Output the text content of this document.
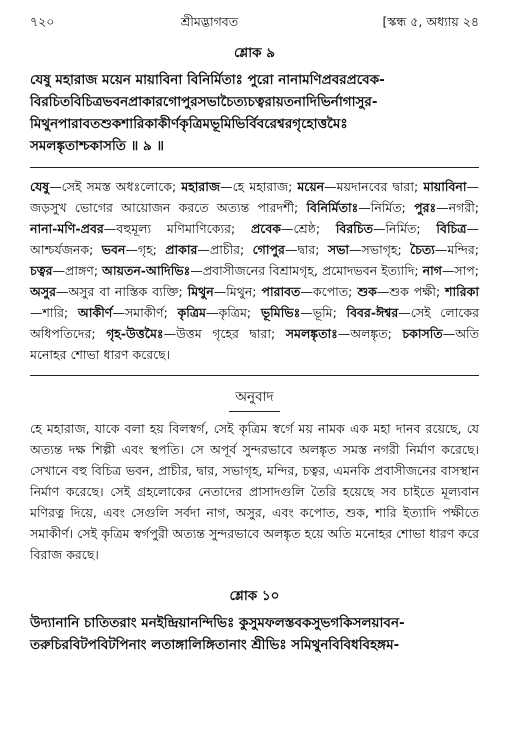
৭২০	শ্রীমদ্ভাগবত	[স্কন্ধ ৫, অধ্যায় ২৪
শ্লোক ৯
যেষু মহারাজ ময়েন মায়াবিনা বিনির্মিতাঃ পুরো নানামণিপ্রবরপ্রবেক-
বিরচিতবিচিত্রভবনপ্রাকারগোপুরসভাচৈত্যচত্বরায়তনাদিভির্নাগাসুর-
মিথুনপারাবতশুকশারিকাকীর্ণকৃত্রিমভূমিভির্বিবরেশ্বরগৃহোত্তমৈঃ
সমলঙ্কৃতাশ্চকাসতি ॥ ৯ ॥

যেষু—সেই সমস্ত অধঃলোকে; মহারাজ—হে মহারাজ; ময়েন—ময়দানবের দ্বারা; মায়াবিনা—জড়সুখ ভোগের আয়োজন করতে অত্যন্ত পারদর্শী; বিনির্মিতাঃ—নির্মিত; পুরঃ—নগরী; নানা-মণি-প্রবর—বহুমূল্য মণিমাণিক্যের; প্রবেক—শ্রেষ্ঠ; বিরচিত—নির্মিত; বিচিত্র—আশ্চর্যজনক; ভবন—গৃহ; প্রাকার—প্রাচীর; গোপুর—দ্বার; সভা—সভাগৃহ; চৈত্য—মন্দির; চত্বর—প্রাঙ্গণ; আয়তন-আদিভিঃ—প্রবাসীজনের বিশ্রামগৃহ, প্রমোদভবন ইত্যাদি; নাগ—সাপ; অসুর—অসুর বা নাস্তিক ব্যক্তি; মিথুন—মিথুন; পারাবত—কপোত; শুক—শুক পক্ষী; শারিকা—শারি; আকীর্ণ—সমাকীর্ণ; কৃত্রিম—কৃত্রিম; ভূমিভিঃ—ভূমি; বিবর-ঈশ্বর—সেই লোকের অধিপতিদের; গৃহ-উত্তমৈঃ—উত্তম গৃহের দ্বারা; সমলঙ্কৃতাঃ—অলঙ্কৃত; চকাসতি—অতি মনোহর শোভা ধারণ করেছে।

অনুবাদ

হে মহারাজ, যাকে বলা হয় বিলস্বর্গ, সেই কৃত্রিম স্বর্গে ময় নামক এক মহা দানব রয়েছে, যে অত্যন্ত দক্ষ শিল্পী এবং স্থপতি। সে অপূর্ব সুন্দরভাবে অলঙ্কৃত সমস্ত নগরী নির্মাণ করেছে। সেখানে বহু বিচিত্র ভবন, প্রাচীর, দ্বার, সভাগৃহ, মন্দির, চত্বর, এমনকি প্রবাসীজনের বাসস্থান নির্মাণ করেছে। সেই গ্রহলোকের নেতাদের প্রাসাদগুলি তৈরি হয়েছে সব চাইতে মূল্যবান মণিরত্ন দিয়ে, এবং সেগুলি সর্বদা নাগ, অসুর, এবং কপোত, শুক, শারি ইত্যাদি পক্ষীতে সমাকীর্ণ। সেই কৃত্রিম স্বর্গপুরী অত্যন্ত সুন্দরভাবে অলঙ্কৃত হয়ে অতি মনোহর শোভা ধারণ করে বিরাজ করছে।

শ্লোক ১০
উদ্যানানি চাতিতরাং মনইন্দ্রিয়ানন্দিভিঃ কুসুমফলস্তবকসুভগকিসলয়াবন-
তরুচিরবিটপবিটপিনাং লতাঙ্গালিঙ্গিতানাং শ্রীভিঃ সমিথুনবিবিধবিহঙ্গম-
